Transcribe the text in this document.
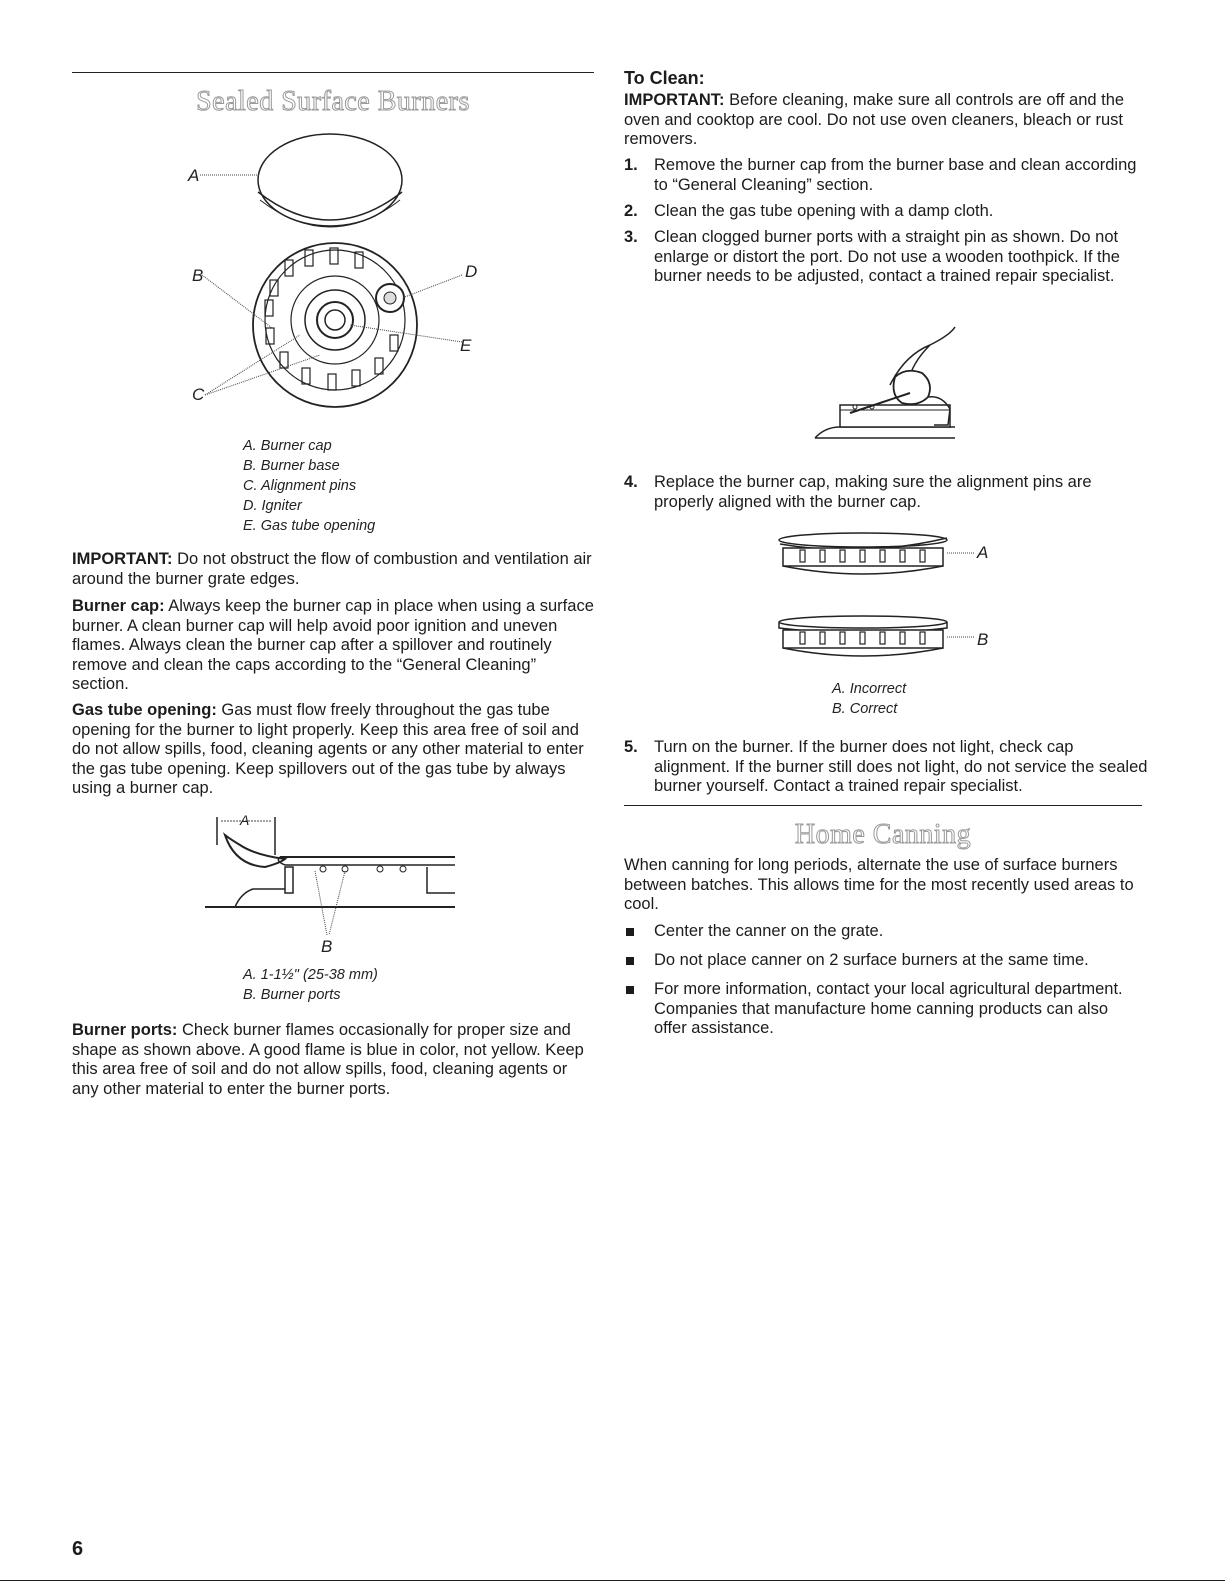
Sealed Surface Burners
A
B
C
D
E
A. Burner cap
B. Burner base
C. Alignment pins
D. Igniter
E. Gas tube opening

IMPORTANT: Do not obstruct the flow of combustion and ventilation air around the burner grate edges.

Burner cap: Always keep the burner cap in place when using a surface burner. A clean burner cap will help avoid poor ignition and uneven flames. Always clean the burner cap after a spillover and routinely remove and clean the caps according to the “General Cleaning” section.

Gas tube opening: Gas must flow freely throughout the gas tube opening for the burner to light properly. Keep this area free of soil and do not allow spills, food, cleaning agents or any other material to enter the gas tube opening. Keep spillovers out of the gas tube by always using a burner cap.

A
B
A. 1-1½" (25-38 mm)
B. Burner ports

Burner ports: Check burner flames occasionally for proper size and shape as shown above. A good flame is blue in color, not yellow. Keep this area free of soil and do not allow spills, food, cleaning agents or any other material to enter the burner ports.

To Clean:

IMPORTANT: Before cleaning, make sure all controls are off and the oven and cooktop are cool. Do not use oven cleaners, bleach or rust removers.

1. Remove the burner cap from the burner base and clean according to “General Cleaning” section.
2. Clean the gas tube opening with a damp cloth.
3. Clean clogged burner ports with a straight pin as shown. Do not enlarge or distort the port. Do not use a wooden toothpick. If the burner needs to be adjusted, contact a trained repair specialist.
4. Replace the burner cap, making sure the alignment pins are properly aligned with the burner cap.
A
B
A. Incorrect
B. Correct
5. Turn on the burner. If the burner does not light, check cap alignment. If the burner still does not light, do not service the sealed burner yourself. Contact a trained repair specialist.
Home Canning

When canning for long periods, alternate the use of surface burners between batches. This allows time for the most recently used areas to cool.

Center the canner on the grate.
Do not place canner on 2 surface burners at the same time.
For more information, contact your local agricultural department. Companies that manufacture home canning products can also offer assistance.
6
